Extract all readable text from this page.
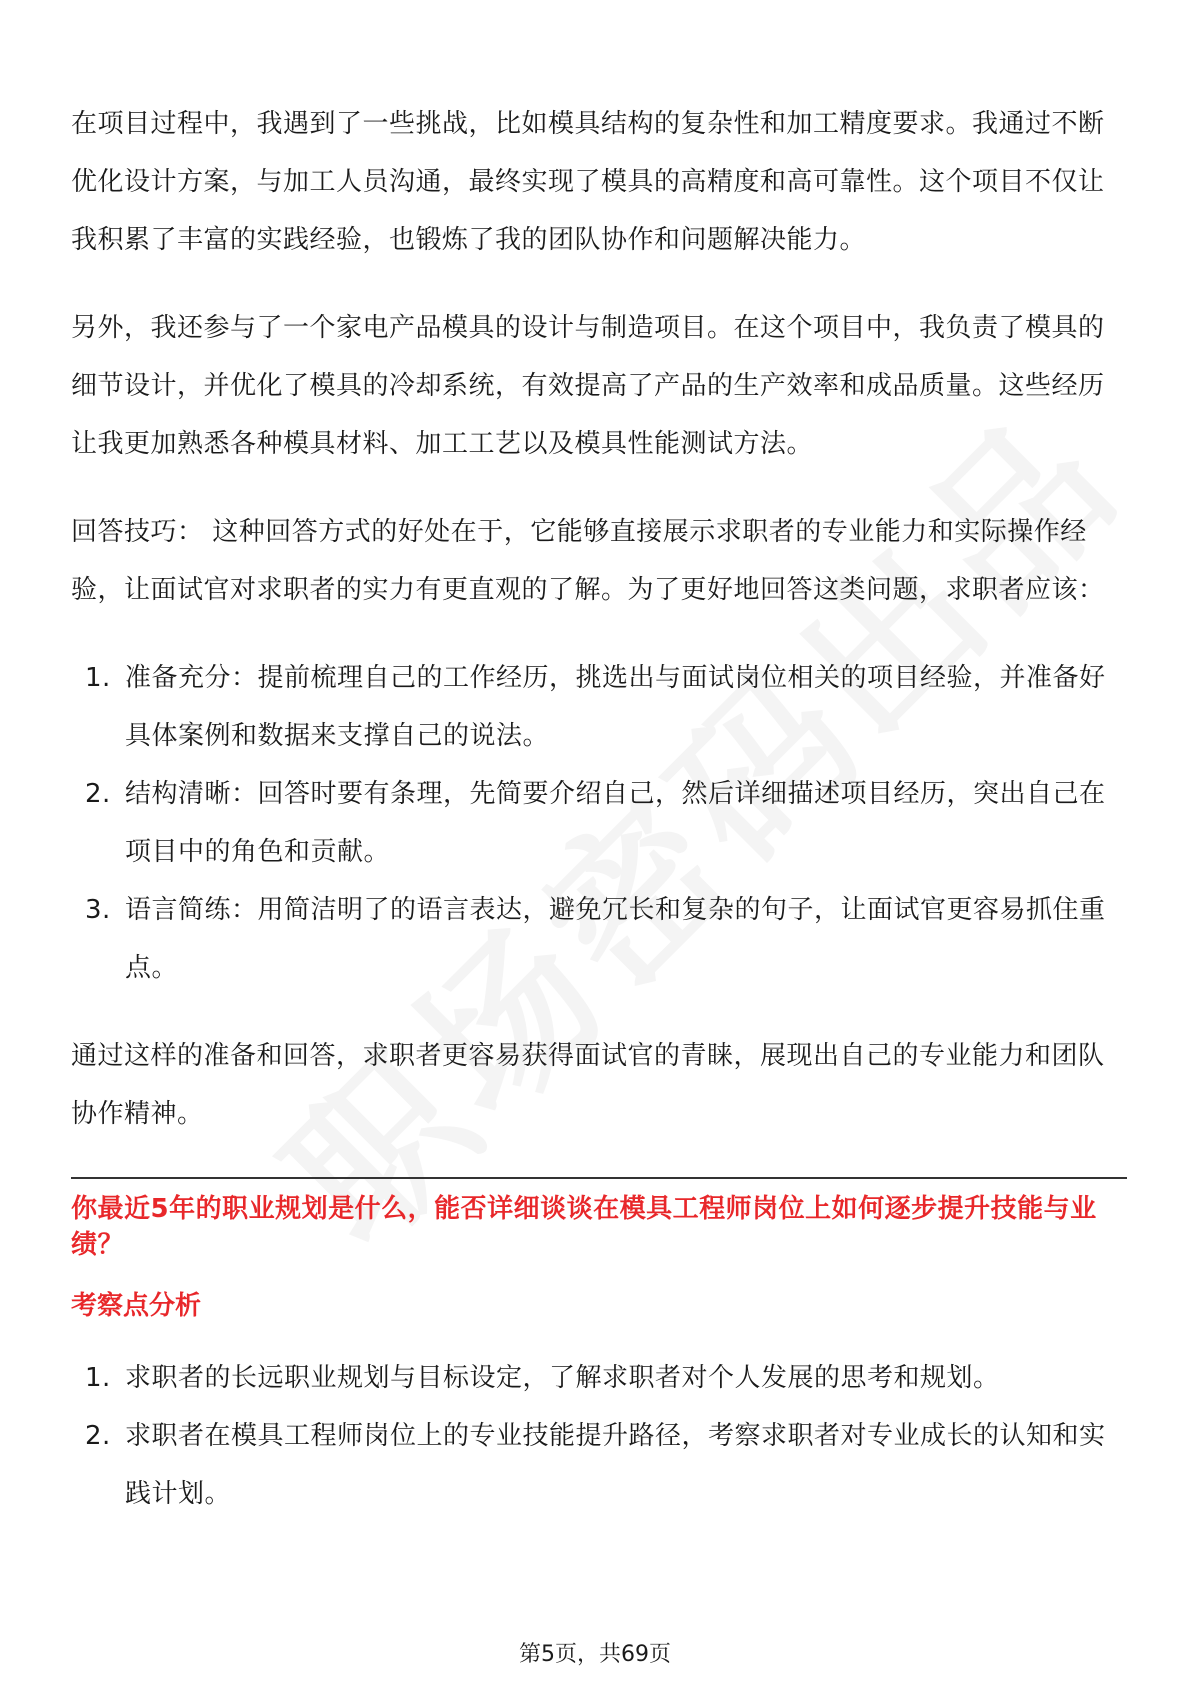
在项目过程中，我遇到了一些挑战，比如模具结构的复杂性和加工精度要求。我通过不断优化设计方案，与加工人员沟通，最终实现了模具的高精度和高可靠性。这个项目不仅让我积累了丰富的实践经验，也锻炼了我的团队协作和问题解决能力。

另外，我还参与了一个家电产品模具的设计与制造项目。在这个项目中，我负责了模具的细节设计，并优化了模具的冷却系统，有效提高了产品的生产效率和成品质量。这些经历让我更加熟悉各种模具材料、加工工艺以及模具性能测试方法。

回答技巧： 这种回答方式的好处在于，它能够直接展示求职者的专业能力和实际操作经验，让面试官对求职者的实力有更直观的了解。为了更好地回答这类问题，求职者应该：

1. 准备充分：提前梳理自己的工作经历，挑选出与面试岗位相关的项目经验，并准备好具体案例和数据来支撑自己的说法。
2. 结构清晰：回答时要有条理，先简要介绍自己，然后详细描述项目经历，突出自己在项目中的角色和贡献。
3. 语言简练：用简洁明了的语言表达，避免冗长和复杂的句子，让面试官更容易抓住重点。

通过这样的准备和回答，求职者更容易获得面试官的青睐，展现出自己的专业能力和团队协作精神。

你最近5年的职业规划是什么，能否详细谈谈在模具工程师岗位上如何逐步提升技能与业绩？

考察点分析

1. 求职者的长远职业规划与目标设定，了解求职者对个人发展的思考和规划。
2. 求职者在模具工程师岗位上的专业技能提升路径，考察求职者对专业成长的认知和实践计划。
第5页，共69页
